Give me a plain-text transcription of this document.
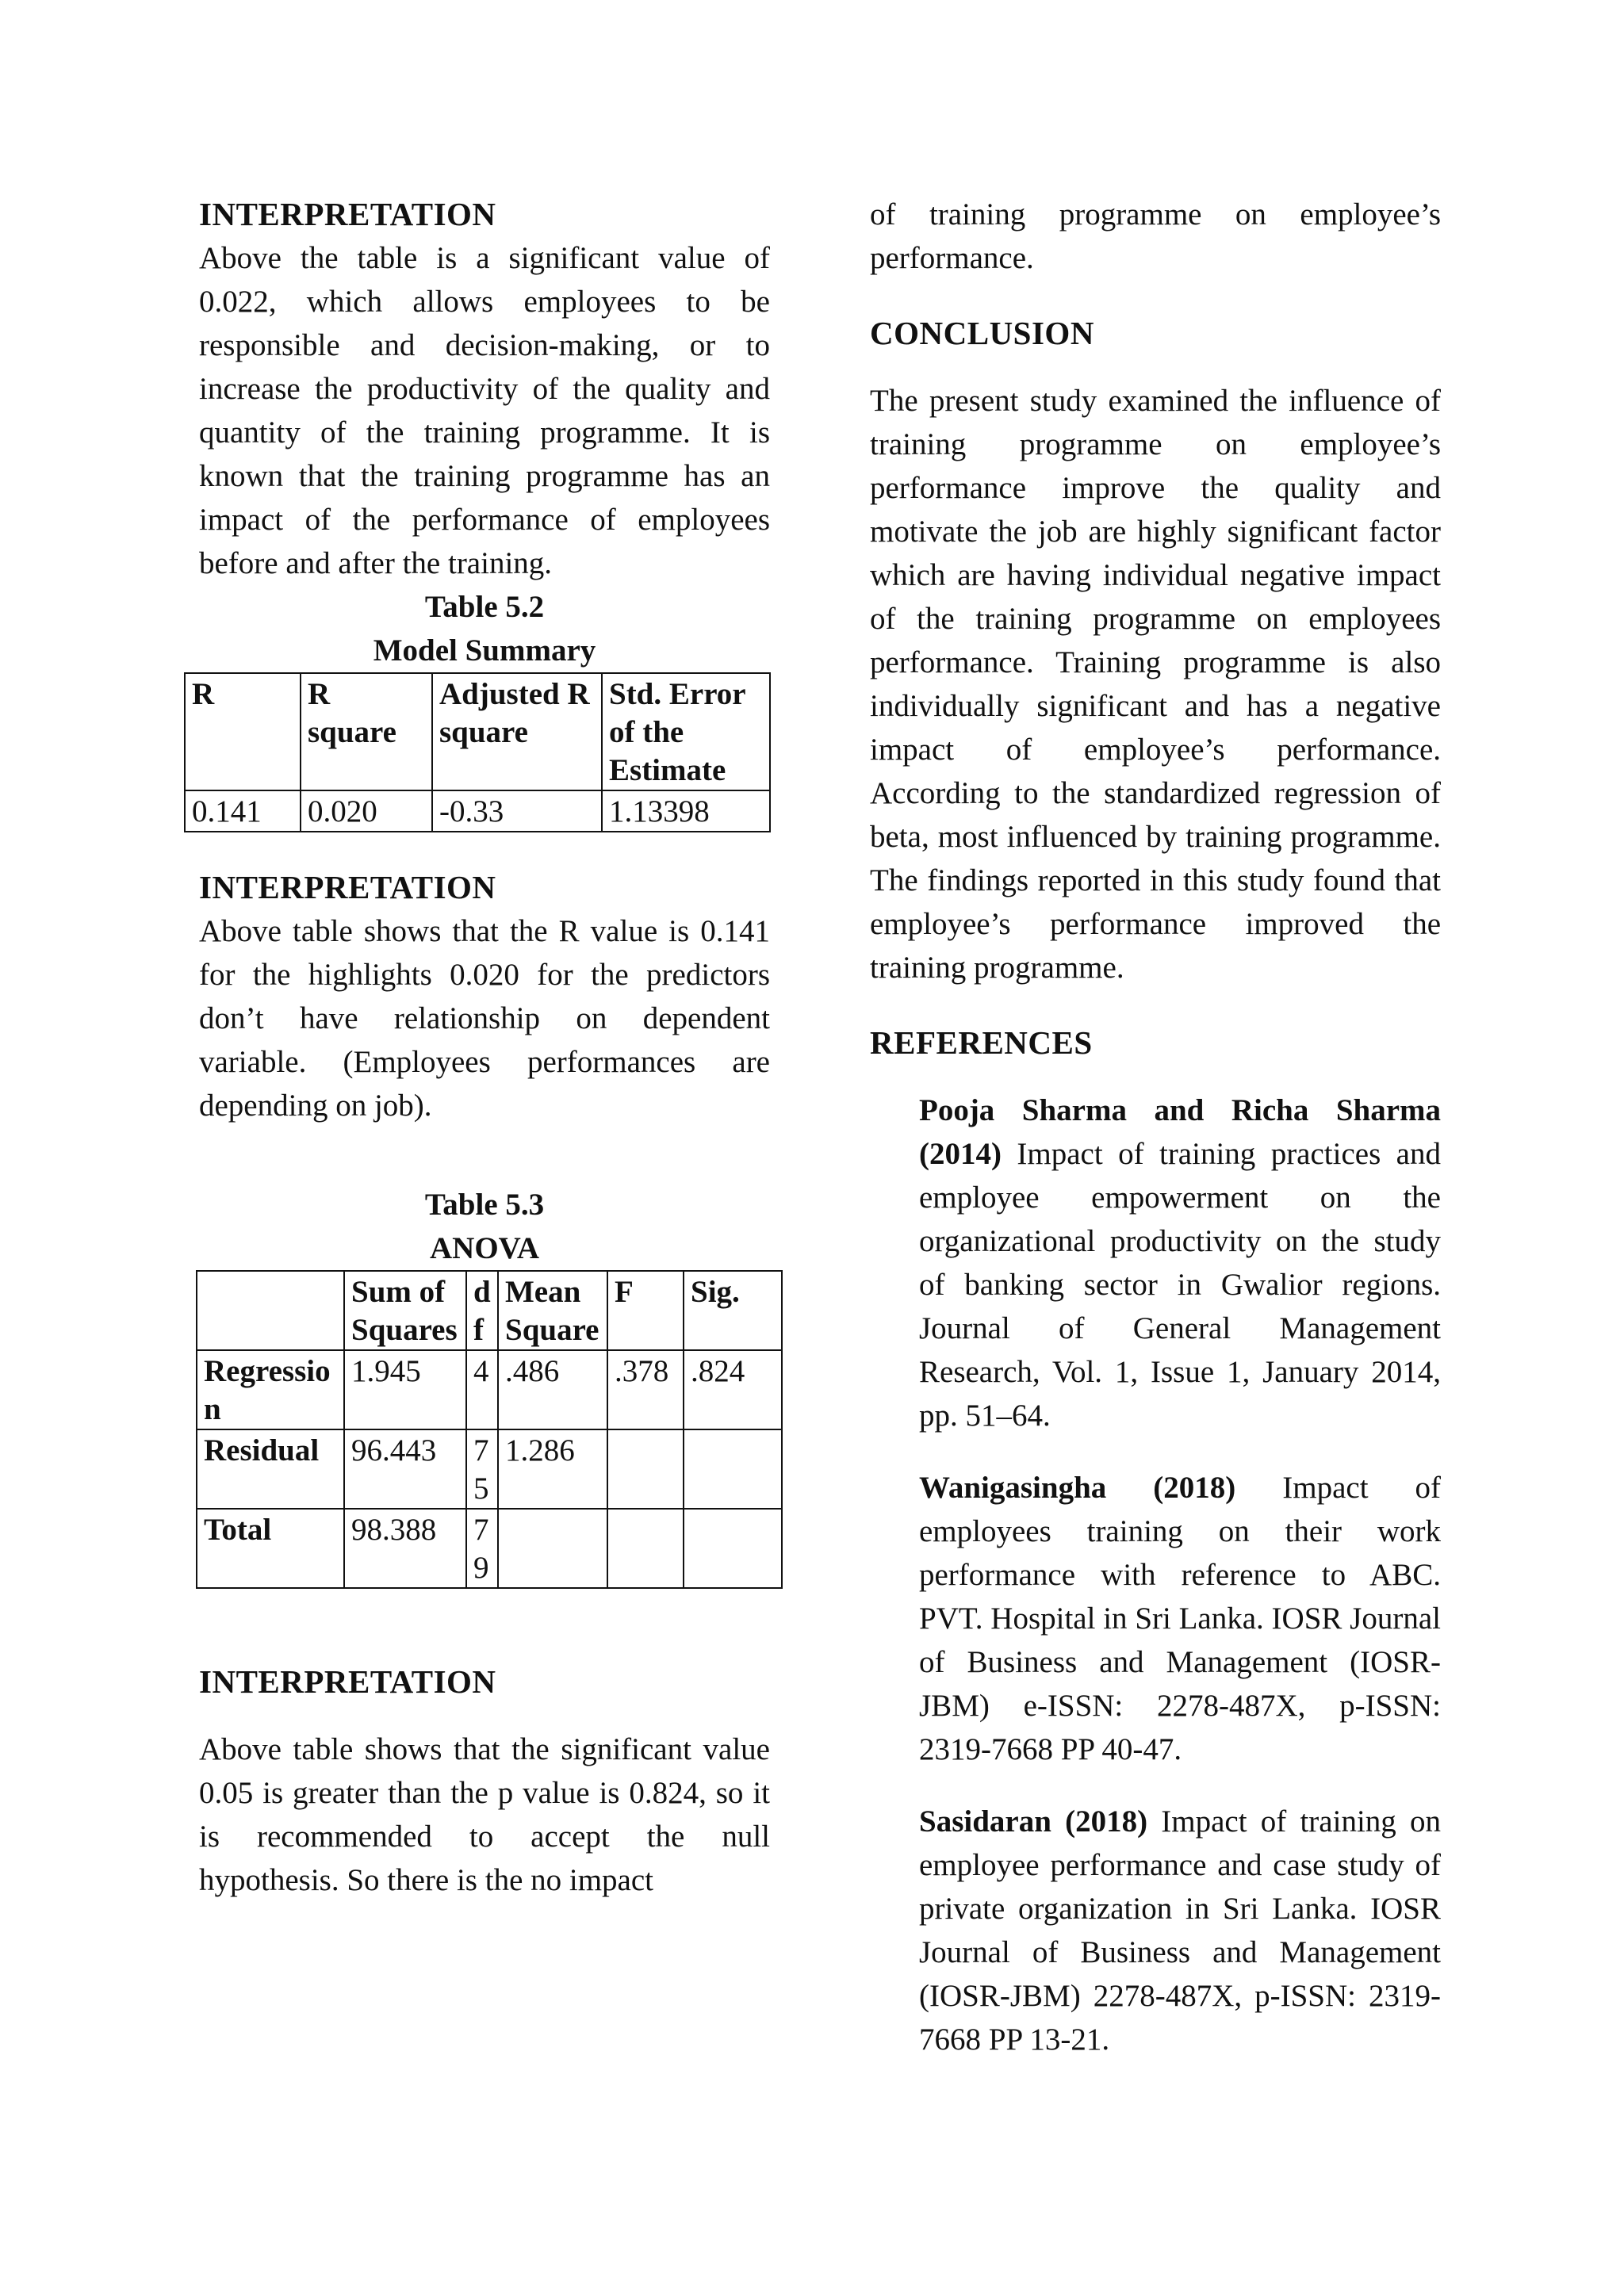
INTERPRETATION

Above the table is a significant value of 0.022, which allows employees to be responsible and decision-making, or to increase the productivity of the quality and quantity of the training programme. It is known that the training programme has an impact of the performance of employees before and after the training.

Table 5.2
Model Summary
R	R square	Adjusted R square	Std. Error of the Estimate
0.141	0.020	-0.33	1.13398
INTERPRETATION

Above table shows that the R value is 0.141 for the highlights 0.020 for the predictors don’t have relationship on dependent variable. (Employees performances are depending on job).

Table 5.3
ANOVA
	Sum of Squares	df	Mean Square	F	Sig.
Regression	1.945	4	.486	.378	.824
Residual	96.443	75	1.286		
Total	98.388	79			
INTERPRETATION

Above table shows that the significant value 0.05 is greater than the p value is 0.824, so it is recommended to accept the null hypothesis. So there is the no impact

of training programme on employee’s performance.

CONCLUSION

The present study examined the influence of training programme on employee’s performance improve the quality and motivate the job are highly significant factor which are having individual negative impact of the training programme on employees performance. Training programme is also individually significant and has a negative impact of employee’s performance. According to the standardized regression of beta, most influenced by training programme. The findings reported in this study found that employee’s performance improved the training programme.

REFERENCES

Pooja Sharma and Richa Sharma (2014) Impact of training practices and employee empowerment on the organizational productivity on the study of banking sector in Gwalior regions. Journal of General Management Research, Vol. 1, Issue 1, January 2014, pp. 51–64.

Wanigasingha (2018) Impact of employees training on their work performance with reference to ABC. PVT. Hospital in Sri Lanka. IOSR Journal of Business and Management (IOSR-JBM) e-ISSN: 2278-487X, p-ISSN: 2319-7668 PP 40-47.

Sasidaran (2018) Impact of training on employee performance and case study of private organization in Sri Lanka. IOSR Journal of Business and Management (IOSR-JBM) 2278-487X, p-ISSN: 2319-7668 PP 13-21.
